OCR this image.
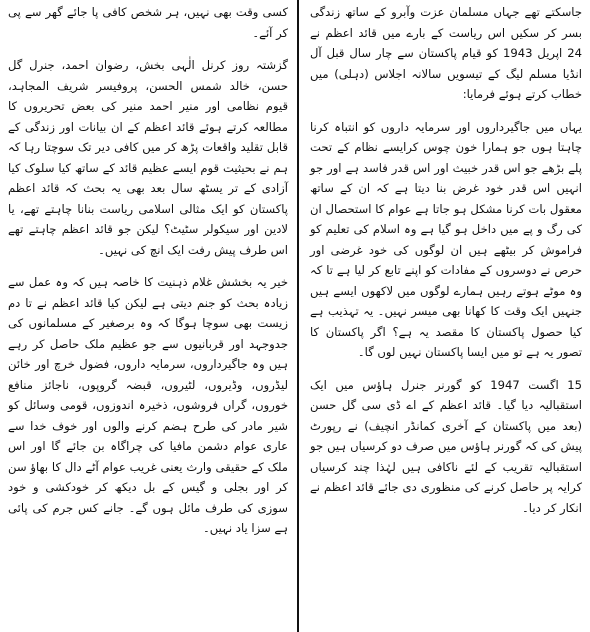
جاسکتے تھے جہاں مسلمان عزت وآبرو کے ساتھ زندگی بسر کر سکیں اس ریاست کے بارے میں قائد اعظم نے 24 اپریل 1943 کو قیام پاکستان سے چار سال قبل آل انڈیا مسلم لیگ کے تیسویں سالانہ اجلاس (دہلی) میں خطاب کرتے ہوئے فرمایا:

یہاں میں جاگیرداروں اور سرمایہ داروں کو انتباہ کرنا چاہتا ہوں جو ہمارا خون چوس کرایسے نظام کے تحت پلے بڑھے جو اس قدر خبیث اور اس قدر فاسد ہے اور جو انہیں اس قدر خود غرض بنا دیتا ہے کہ ان کے ساتھ معقول بات کرنا مشکل ہو جاتا ہے عوام کا استحصال ان کی رگ و پے میں داخل ہو گیا ہے وہ اسلام کی تعلیم کو فراموش کر بیٹھے ہیں ان لوگوں کی خود غرضی اور حرص نے دوسروں کے مفادات کو اپنے تابع کر لیا ہے تا کہ وہ موٹے ہوتے رہیں ہمارے لوگوں میں لاکھوں ایسے ہیں جنہیں ایک وقت کا کھانا بھی میسر نہیں۔ یہ تہذیب ہے کیا حصول پاکستان کا مقصد یہ ہے؟ اگر پاکستان کا تصور یہ ہے تو میں ایسا پاکستان نہیں لوں گا۔

15 اگست 1947 کو گورنر جنرل ہاؤس میں ایک استقبالیہ دیا گیا۔ قائد اعظم کے اے ڈی سی گل حسن (بعد میں پاکستان کے آخری کمانڈر انچیف) نے رپورٹ پیش کی کہ گورنر ہاؤس میں صرف دو کرسیاں ہیں جو استقبالیہ تقریب کے لئے ناکافی ہیں لہٰذا چند کرسیاں کرایہ پر حاصل کرنے کی منظوری دی جائے قائد اعظم نے انکار کر دیا۔

کسی وقت بھی نہیں، ہر شخص کافی پا جائے گھر سے پی کر آئے۔

گزشتہ روز کرنل الٰہی بخش، رضوان احمد، جنرل گل حسن، خالد شمس الحسن، پروفیسر شریف المجاہد، قیوم نظامی اور منیر احمد منیر کی بعض تحریروں کا مطالعہ کرتے ہوئے قائد اعظم کے ان بیانات اور زندگی کے قابل تقلید واقعات پڑھ کر میں کافی دیر تک سوچتا رہا کہ ہم نے بحیثیت قوم ایسے عظیم قائد کے ساتھ کیا سلوک کیا آزادی کے تر یسٹھ سال بعد بھی یہ بحث کہ قائد اعظم پاکستان کو ایک مثالی اسلامی ریاست بنانا چاہتے تھے، یا لادین اور سیکولر سٹیٹ؟ لیکن جو قائد اعظم چاہتے تھے اس طرف پیش رفت ایک انچ کی نہیں۔

خیر یہ بخشش غلام ذہنیت کا خاصہ ہیں کہ وہ عمل سے زیادہ بحث کو جنم دیتی ہے لیکن کیا قائد اعظم نے تا دم زیست بھی سوچا ہوگا کہ وہ برصغیر کے مسلمانوں کی جدوجہد اور قربانیوں سے جو عظیم ملک حاصل کر رہے ہیں وہ جاگیرداروں، سرمایہ داروں، فضول خرچ اور خائن لیڈروں، وڈیروں، لٹیروں، قبضہ گروپوں، ناجائز منافع خوروں، گراں فروشوں، ذخیرہ اندوزوں، قومی وسائل کو شیر مادر کی طرح ہضم کرنے والوں اور خوف خدا سے عاری عوام دشمن مافیا کی چراگاہ بن جائے گا اور اس ملک کے حقیقی وارث یعنی غریب عوام آٹے دال کا بھاؤ سن کر اور بجلی و گیس کے بل دیکھ کر خودکشی و خود سوزی کی طرف مائل ہوں گے۔ جانے کس جرم کی پائی ہے سزا یاد نہیں۔
